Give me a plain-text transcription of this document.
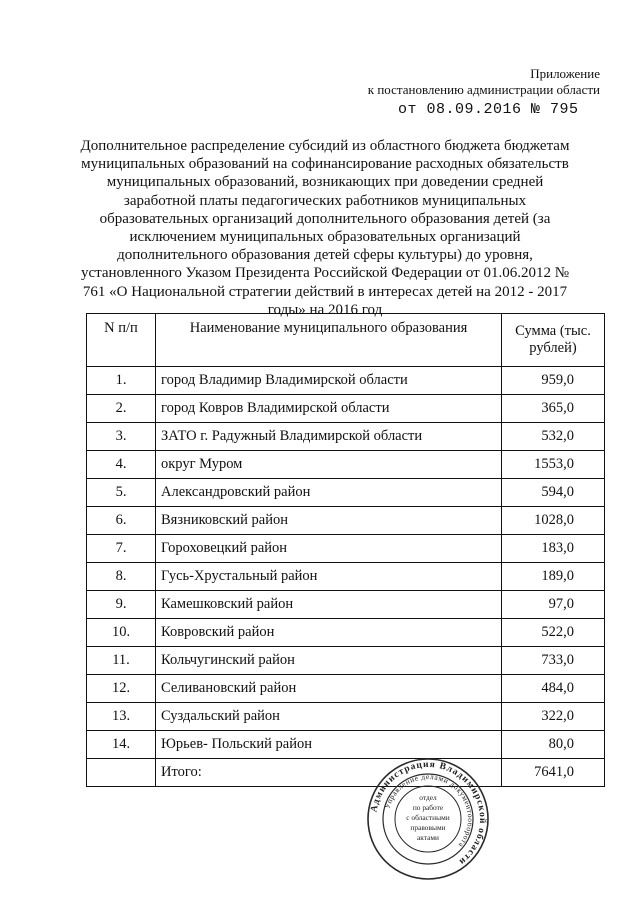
Приложение
к постановлению администрации области
от 08.09.2016 № 795
Дополнительное распределение субсидий из областного бюджета бюджетам муниципальных образований на софинансирование расходных обязательств муниципальных образований, возникающих при доведении средней заработной платы педагогических работников муниципальных образовательных организаций дополнительного образования детей (за исключением муниципальных образовательных организаций дополнительного образования детей сферы культуры) до уровня, установленного Указом Президента Российской Федерации от 01.06.2012 № 761 «О Национальной стратегии действий в интересах детей на 2012 - 2017 годы» на 2016 год
N п/п	Наименование муниципального образования	Сумма (тыс. рублей)
1.	город Владимир Владимирской области	959,0
2.	город Ковров Владимирской области	365,0
3.	ЗАТО г. Радужный Владимирской области	532,0
4.	округ Муром	1553,0
5.	Александровский район	594,0
6.	Вязниковский район	1028,0
7.	Гороховецкий район	183,0
8.	Гусь-Хрустальный район	189,0
9.	Камешковский район	97,0
10.	Ковровский район	522,0
11.	Кольчугинский район	733,0
12.	Селивановский район	484,0
13.	Суздальский район	322,0
14.	Юрьев- Польский район	80,0
	Итого:	7641,0
Администрация Владимирской области
Управление делами документооборота
отдел
по работе
с областными
правовыми
актами
